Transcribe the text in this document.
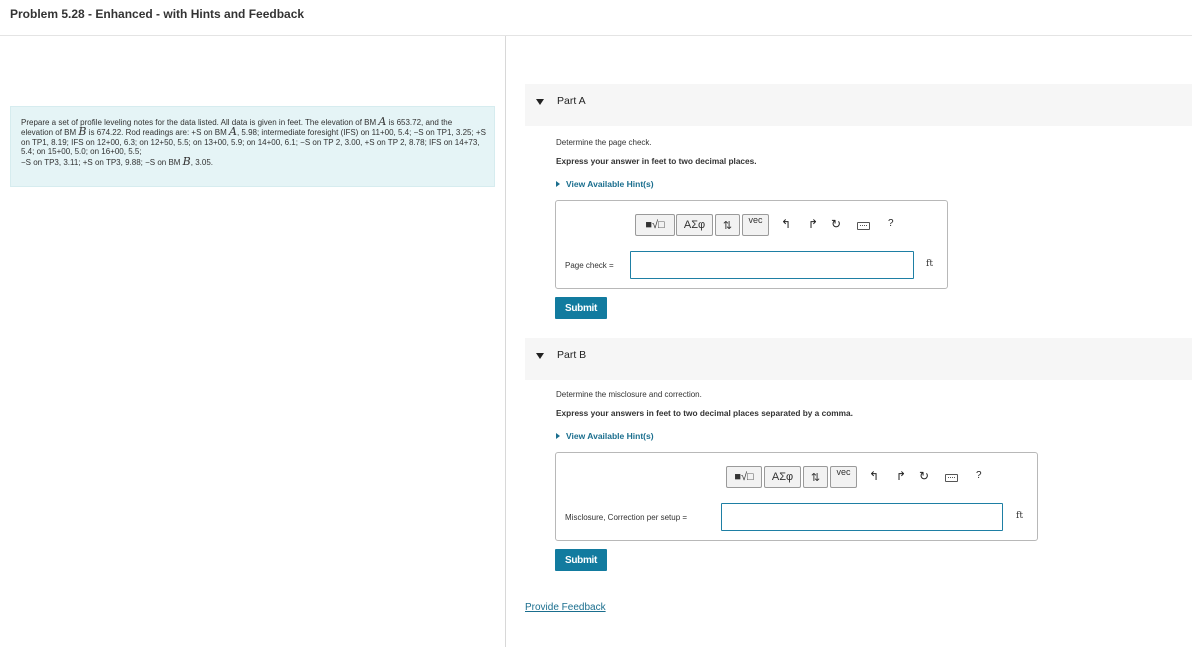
Problem 5.28 - Enhanced - with Hints and Feedback
Prepare a set of profile leveling notes for the data listed. All data is given in feet. The elevation of BM A is 653.72, and the elevation of BM B is 674.22. Rod readings are: +S on BM A, 5.98; intermediate foresight (IFS) on 11+00, 5.4; −S on TP1, 3.25; +S on TP1, 8.19; IFS on 12+00, 6.3; on 12+50, 5.5; on 13+00, 5.9; on 14+00, 6.1; −S on TP 2, 3.00, +S on TP 2, 8.78; IFS on 14+73, 5.4; on 15+00, 5.0; on 16+00, 5.5;
−S on TP3, 3.11; +S on TP3, 9.88; −S on BM B, 3.05.
Part A
Determine the page check.
Express your answer in feet to two decimal places.
View Available Hint(s)
■√□	ΑΣφ	⇅	vec	↰ ↱ ↻	?
Page check =	ft
Submit
Part B
Determine the misclosure and correction.
Express your answers in feet to two decimal places separated by a comma.
View Available Hint(s)
■√□	ΑΣφ	⇅	vec	↰ ↱ ↻	?
Misclosure, Correction per setup =	ft
Submit
Provide Feedback
